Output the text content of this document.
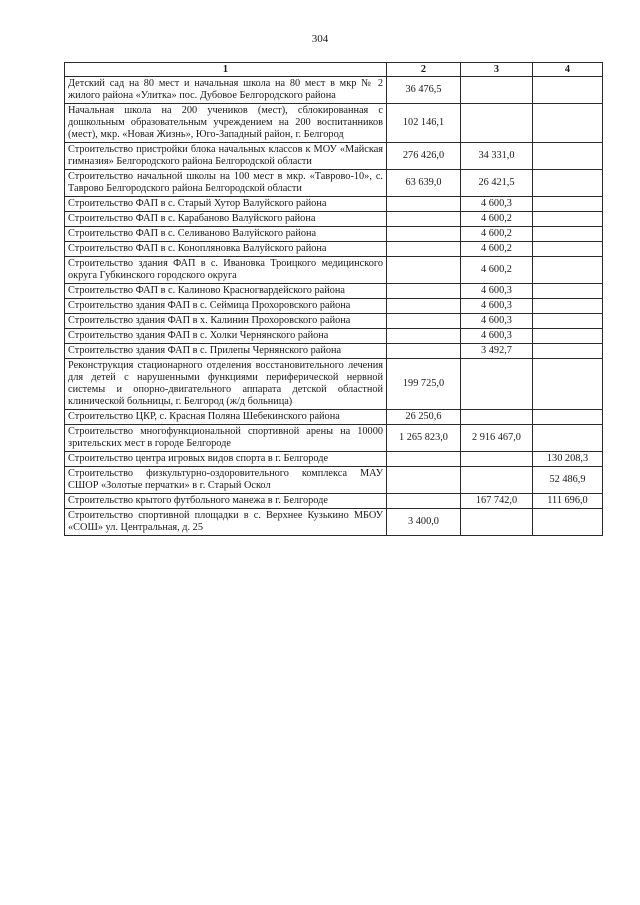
304
1	2	3	4
Детский сад на 80 мест и начальная школа на 80 мест в мкр № 2 жилого района «Улитка» пос. Дубовое Белгородского района	36 476,5		
Начальная школа на 200 учеников (мест), сблокированная с дошкольным образовательным учреждением на 200 воспитанников (мест), мкр. «Новая Жизнь», Юго-Западный район, г. Белгород	102 146,1		
Строительство пристройки блока начальных классов к МОУ «Майская гимназия» Белгородского района Белгородской области	276 426,0	34 331,0	
Строительство начальной школы на 100 мест в мкр. «Таврово-10», с. Таврово Белгородского района Белгородской области	63 639,0	26 421,5	
Строительство ФАП в с. Старый Хутор Валуйского района		4 600,3	
Строительство ФАП в с. Карабаново Валуйского района		4 600,2	
Строительство ФАП в с. Селиваново Валуйского района		4 600,2	
Строительство ФАП в с. Коноплянoвка Валуйского района		4 600,2	
Строительство здания ФАП в с. Ивановка Троицкого медицинского округа Губкинского городского округа		4 600,2	
Строительство ФАП в с. Калиново Красногвардейского района		4 600,3	
Строительство здания ФАП в с. Сеймица Прохоровского района		4 600,3	
Строительство здания ФАП в х. Калинин Прохоровского района		4 600,3	
Строительство здания ФАП в с. Холки Чернянского района		4 600,3	
Строительство здания ФАП в с. Прилепы Чернянского района		3 492,7	
Реконструкция стационарного отделения восстановительного лечения для детей с нарушенными функциями периферической нервной системы и опорно-двигательного аппарата детской областной клинической больницы, г. Белгород (ж/д больница)	199 725,0		
Строительство ЦКР, с. Красная Поляна Шебекинского района	26 250,6		
Строительство многофункциональной спортивной арены на 10000 зрительских мест в городе Белгороде	1 265 823,0	2 916 467,0	
Строительство центра игровых видов спорта в г. Белгороде			130 208,3
Строительство физкультурно-оздоровительного комплекса МАУ СШОР «Золотые перчатки» в г. Старый Оскол			52 486,9
Строительство крытого футбольного манежа в г. Белгороде		167 742,0	111 696,0
Строительство спортивной площадки в с. Верхнее Кузькино МБОУ «СОШ» ул. Центральная, д. 25	3 400,0		
